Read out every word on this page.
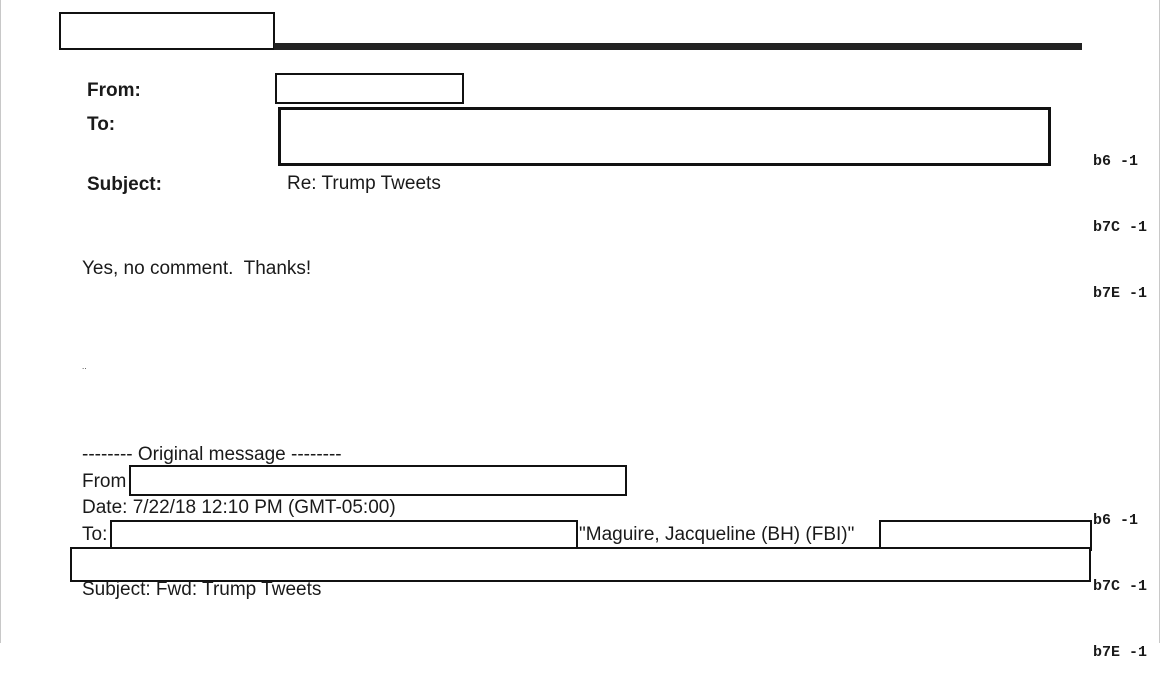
From:
To:
Subject:	Re: Trump Tweets

b6 -1

b7C -1

b7E -1

Yes, no comment.  Thanks!
..
-------- Original message --------
From
Date: 7/22/18 12:10 PM (GMT-05:00)
To:	"Maguire, Jacqueline (BH) (FBI)"
Subject: Fwd: Trump Tweets

b6 -1

b7C -1

b7E -1
